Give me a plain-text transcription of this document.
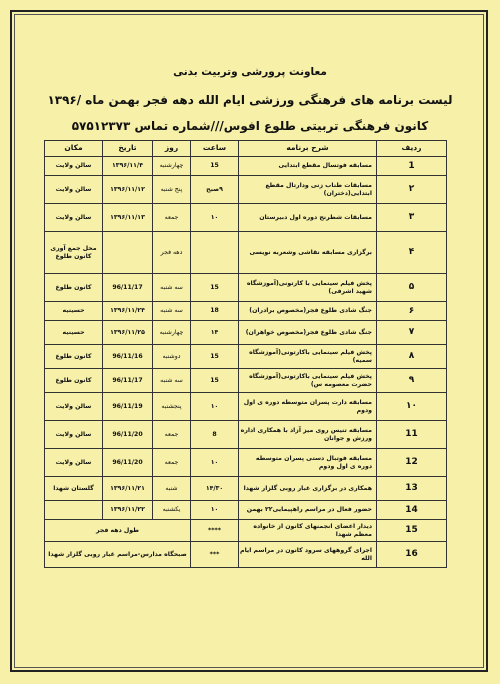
معاونت پرورشی وتربیت بدنی
لیست برنامه های فرهنگی ورزشی ایام الله دهه فجر بهمن ماه /۱۳۹۶
کانون فرهنگی تربیتی طلوع افوس///شماره تماس ۵۷۵۱۲۳۷۳
ردیف	شرح برنامه	ساعت	روز	تاریخ	مکان
1	مسابقه فوتسال مقطع ابتدایی	15	چهارشنبه	۱۳۹۶/۱۱/۴	سالن ولایت
۲	مسابقات طناب زنی ودارتال مقطع ابتدایی(دختران)	۹صبح	پنج شنبه	۱۳۹۶/۱۱/۱۲	سالن ولایت
۳	مسابقات شطرنج دوره اول دبیرستان	۱۰	جمعه	۱۳۹۶/۱۱/۱۳	سالن ولایت
۴	برگزاری مسابقه نقاشی وشعربه نویسی		دهه فجر		محل جمع آوری کانون طلوع
۵	پخش فیلم سینمایی با کارتونی(آموزشگاه شهید اشرفی)	15	سه شنبه	96/11/17	کانون طلوع
۶	جنگ شادی طلوع فجر(مخصوص برادران)	18	سه شنبه	۱۳۹۶/۱۱/۲۴	حسینیه
۷	جنگ شادی طلوع فجر(مخصوص خواهران)	۱۴	چهارشنبه	۱۳۹۶/۱۱/۲۵	حسینیه
۸	پخش فیلم سینمایی باکارتونی(آموزشگاه سمیه)	15	دوشنبه	96/11/16	کانون طلوع
۹	پخش فیلم سینمایی باکارتونی(آموزشگاه حضرت معصومه س)	15	سه شنبه	96/11/17	کانون طلوع
۱۰	مسابقه دارت پسران متوسطه دوره ی اول ودوم	۱۰	پنجشنبه	96/11/19	سالن ولایت
11	مسابقه تنیس روی میز آزاد با همکاری اداره ورزش و جوانان	8	جمعه	96/11/20	سالن ولایت
12	مسابقه فوتبال دستی پسران متوسطه دوره ی اول ودوم	۱۰	جمعه	96/11/20	سالن ولایت
13	همکاری در برگزاری غبار روبی گلزار شهدا	۱۴/۳۰	شنبه	۱۳۹۶/۱۱/۲۱	گلستان شهدا
14	حضور فعال در مراسم راهپیمایی۲۲ بهمن	۱۰	یکشنبه	۱۳۹۶/۱۱/۲۲	
15	دیدار اعضای انجمنهای کانون از خانواده معظم شهدا	****	طول دهه فجر		
16	اجرای گروههای سرود کانون در مراسم ایام الله	***	صبحگاه مدارس-مراسم غبار روبی گلزار شهدا		
